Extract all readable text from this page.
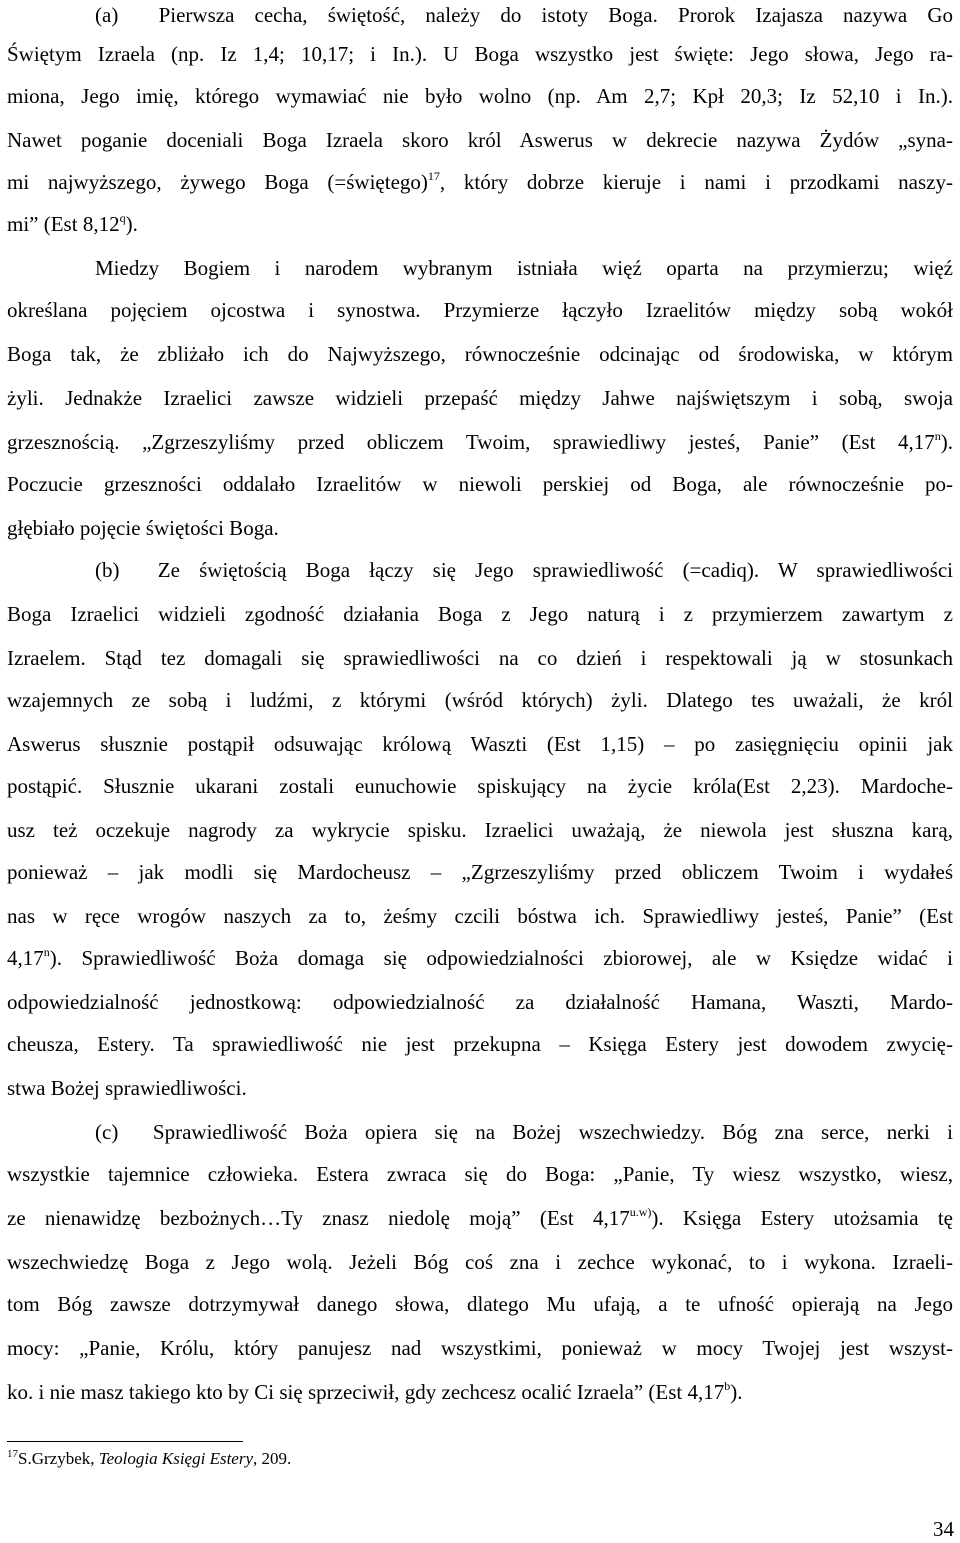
(a)  Pierwsza cecha, świętość, należy do istoty Boga. Prorok Izajasza nazywa Go

Świętym Izraela (np. Iz 1,4; 10,17; i In.). U Boga wszystko jest święte: Jego słowa, Jego ra-

miona, Jego imię, którego wymawiać nie było wolno (np. Am 2,7; Kpł 20,3; Iz 52,10 i In.).

Nawet poganie doceniali Boga Izraela skoro król Aswerus w dekrecie nazywa Żydów „syna-

mi najwyższego, żywego Boga (=świętego)$^{17}$, który dobrze kieruje i nami i przodkami naszy-

mi” (Est 8,12$^q$).

Miedzy Bogiem i narodem wybranym istniała więź oparta na przymierzu; więź

określana pojęciem ojcostwa i synostwa. Przymierze łączyło Izraelitów między sobą wokół

Boga tak, że zbliżało ich do Najwyższego, równocześnie odcinając od środowiska, w którym

żyli. Jednakże Izraelici zawsze widzieli przepaść między Jahwe najświętszym i sobą, swoja

grzesznością. „Zgrzeszyliśmy przed obliczem Twoim, sprawiedliwy jesteś, Panie” (Est 4,17$^n$).

Poczucie grzeszności oddalało Izraelitów w niewoli perskiej od Boga, ale równocześnie po-

głębiało pojęcie świętości Boga.

(b)  Ze świętością Boga łączy się Jego sprawiedliwość (=cadiq). W sprawiedliwości

Boga Izraelici widzieli zgodność działania Boga z Jego naturą i z przymierzem zawartym z

Izraelem. Stąd tez domagali się sprawiedliwości na co dzień i respektowali ją w stosunkach

wzajemnych ze sobą i ludźmi, z którymi (wśród których) żyli. Dlatego tes uważali, że król

Aswerus słusznie postąpił odsuwając królową Waszti (Est 1,15) – po zasięgnięciu opinii jak

postąpić. Słusznie ukarani zostali eunuchowie spiskujący na życie króla(Est 2,23). Mardoche-

usz też oczekuje nagrody za wykrycie spisku. Izraelici uważają, że niewola jest słuszna karą,

ponieważ – jak modli się Mardocheusz – „Zgrzeszyliśmy przed obliczem Twoim i wydałeś

nas w ręce wrogów naszych za to, żeśmy czcili bóstwa ich. Sprawiedliwy jesteś, Panie” (Est

4,17$^n$). Sprawiedliwość Boża domaga się odpowiedzialności zbiorowej, ale w Księdze widać i

odpowiedzialność jednostkową: odpowiedzialność za działalność Hamana, Waszti, Mardo-

cheusza, Estery. Ta sprawiedliwość nie jest przekupna – Księga Estery jest dowodem zwycię-

stwa Bożej sprawiedliwości.

(c)  Sprawiedliwość Boża opiera się na Bożej wszechwiedzy. Bóg zna serce, nerki i

wszystkie tajemnice człowieka. Estera zwraca się do Boga: „Panie, Ty wiesz wszystko, wiesz,

ze nienawidzę bezbożnych…Ty znasz niedolę moją” (Est $4,17^{u.w)}$). Księga Estery utożsamia tę

wszechwiedzę Boga z Jego wolą. Jeżeli Bóg coś zna i zechce wykonać, to i wykona. Izraeli-

tom Bóg zawsze dotrzymywał danego słowa, dlatego Mu ufają, a te ufność opierają na Jego

mocy: „Panie, Królu, który panujesz nad wszystkimi, ponieważ w mocy Twojej jest wszyst-

ko. i nie masz takiego kto by Ci się sprzeciwił, gdy zechcesz ocalić Izraela” (Est 4,17$^b$).

$^{17}$S.Grzybek, Teologia Księgi Estery, 209.

34
